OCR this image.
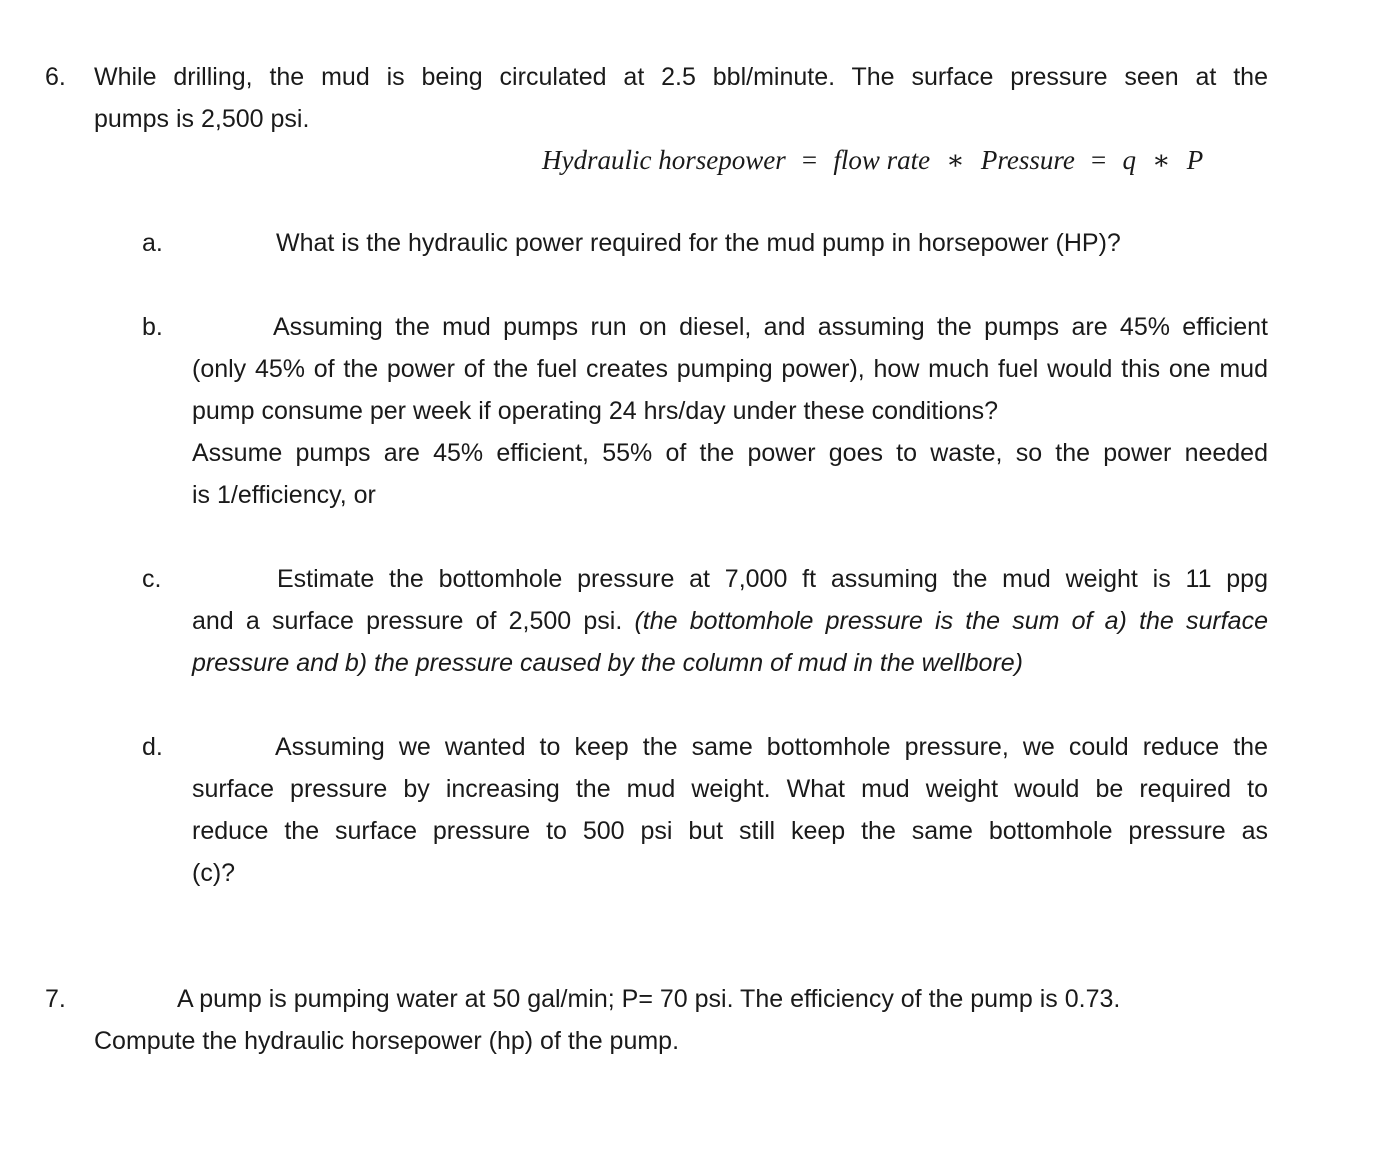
6. While drilling, the mud is being circulated at 2.5 bbl/minute. The surface pressure seen at the
pumps is 2,500 psi.
Hydraulic horsepower = flow rate ∗ Pressure = q ∗ P
a.	What is the hydraulic power required for the mud pump in horsepower (HP)?
b.	Assuming the mud pumps run on diesel, and assuming the pumps are 45% efficient
(only 45% of the power of the fuel creates pumping power), how much fuel would this one mud pump consume per week if operating 24 hrs/day under these conditions?
Assume pumps are 45% efficient, 55% of the power goes to waste, so the power needed
is 1/efficiency, or
c.	Estimate the bottomhole pressure at 7,000 ft assuming the mud weight is 11 ppg
and a surface pressure of 2,500 psi. (the bottomhole pressure is the sum of a) the surface
pressure and b) the pressure caused by the column of mud in the wellbore)
d.	Assuming we wanted to keep the same bottomhole pressure, we could reduce the
surface pressure by increasing the mud weight. What mud weight would be required to
reduce the surface pressure to 500 psi but still keep the same bottomhole pressure as
(c)?
7.	A pump is pumping water at 50 gal/min; P= 70 psi. The efficiency of the pump is 0.73.
Compute the hydraulic horsepower (hp) of the pump.
